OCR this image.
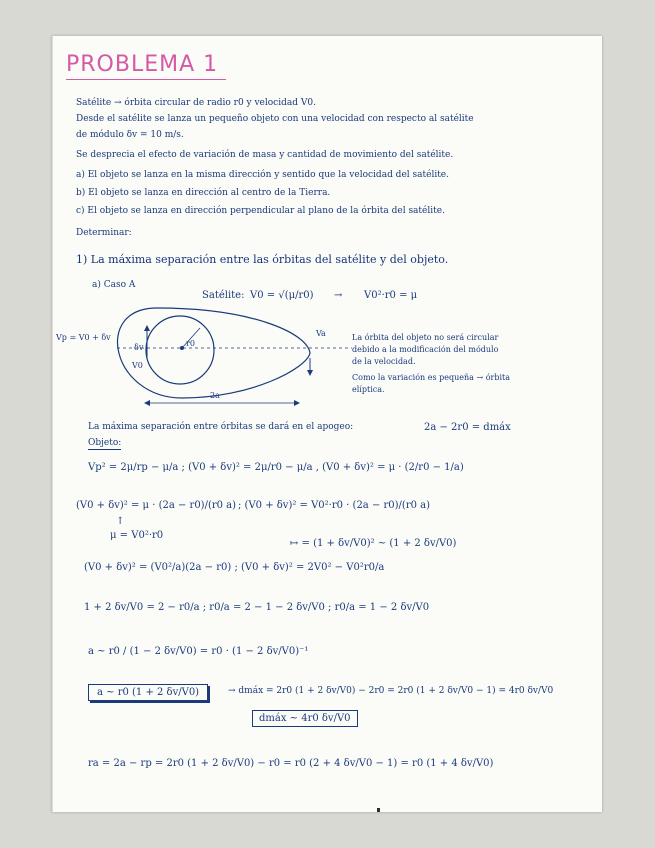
PROBLEMA 1
Satélite → órbita circular de radio r0 y velocidad V0.
Desde el satélite se lanza un pequeño objeto con una velocidad con respecto al satélite
de módulo δv = 10 m/s.
Se desprecia el efecto de variación de masa y cantidad de movimiento del satélite.
a) El objeto se lanza en la misma dirección y sentido que la velocidad del satélite.
b) El objeto se lanza en dirección al centro de la Tierra.
c) El objeto se lanza en dirección perpendicular al plano de la órbita del satélite.
Determinar:
1) La máxima separación entre las órbitas del satélite y del objeto.
a) Caso A
Satélite: V0 = √(μ/r0) → V0²·r0 = μ
Vp = V0 + δv	Va
δv
V0
r0
2a
La órbita del objeto no será circular
debido a la modificación del módulo
de la velocidad.
Como la variación es pequeña → órbita
elíptica.
La máxima separación entre órbitas se dará en el apogeo:	2a − 2r0 = dmáx
Objeto:
Vp² = 2μ/rp − μ/a ; (V0 + δv)² = 2μ/r0 − μ/a , (V0 + δv)² = μ · (2/r0 − 1/a)
(V0 + δv)² = μ · (2a − r0)/(r0 a) ; (V0 + δv)² = V0²·r0 · (2a − r0)/(r0 a)
↑
μ = V0²·r0
↦ = (1 + δv/V0)² ~ (1 + 2 δv/V0)
(V0 + δv)² = (V0²/a)(2a − r0) ; (V0 + δv)² = 2V0² − V0²r0/a
1 + 2 δv/V0 = 2 − r0/a ; r0/a = 2 − 1 − 2 δv/V0 ; r0/a = 1 − 2 δv/V0
a ~ r0 / (1 − 2 δv/V0) = r0 · (1 − 2 δv/V0)⁻¹
a ~ r0 (1 + 2 δv/V0)	→ dmáx = 2r0 (1 + 2 δv/V0) − 2r0 = 2r0 (1 + 2 δv/V0 − 1) = 4r0 δv/V0
dmáx ~ 4r0 δv/V0
ra = 2a − rp = 2r0 (1 + 2 δv/V0) − r0 = r0 (2 + 4 δv/V0 − 1) = r0 (1 + 4 δv/V0)
